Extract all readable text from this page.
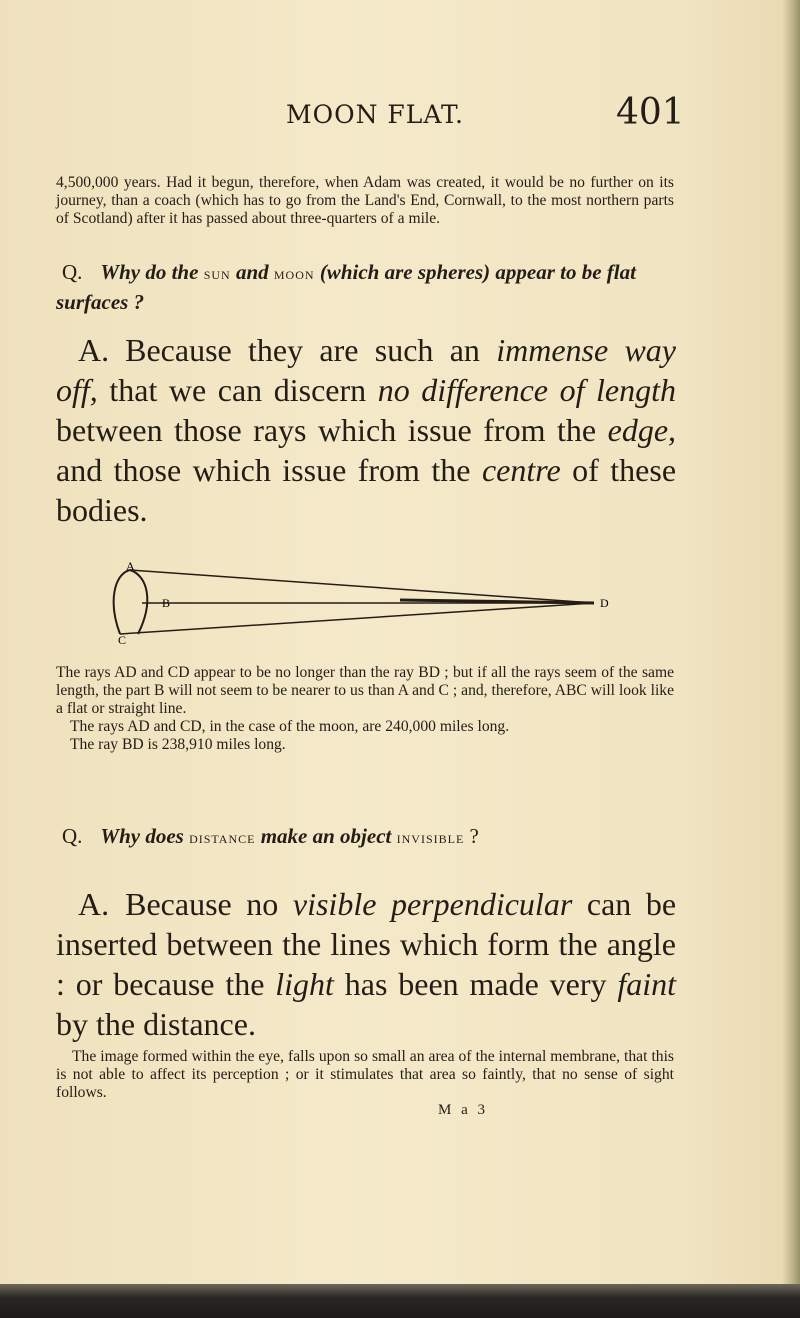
MOON FLAT.	401
4,500,000 years. Had it begun, therefore, when Adam was created, it would be no further on its journey, than a coach (which has to go from the Land's End, Cornwall, to the most northern parts of Scotland) after it has passed about three-quarters of a mile.
Q. Why do the sun and moon (which are spheres) appear to be flat surfaces ?
A. Because they are such an immense way off, that we can discern no difference of length between those rays which issue from the edge, and those which issue from the centre of these bodies.
A
B
C
D

The rays AD and CD appear to be no longer than the ray BD ; but if all the rays seem of the same length, the part B will not seem to be nearer to us than A and C ; and, therefore, ABC will look like a flat or straight line.

The rays AD and CD, in the case of the moon, are 240,000 miles long.

The ray BD is 238,910 miles long.

Q. Why does distance make an object invisible ?
A. Because no visible perpendicular can be inserted between the lines which form the angle : or because the light has been made very faint by the distance.
The image formed within the eye, falls upon so small an area of the internal membrane, that this is not able to affect its perception ; or it stimulates that area so faintly, that no sense of sight follows.
M a 3
